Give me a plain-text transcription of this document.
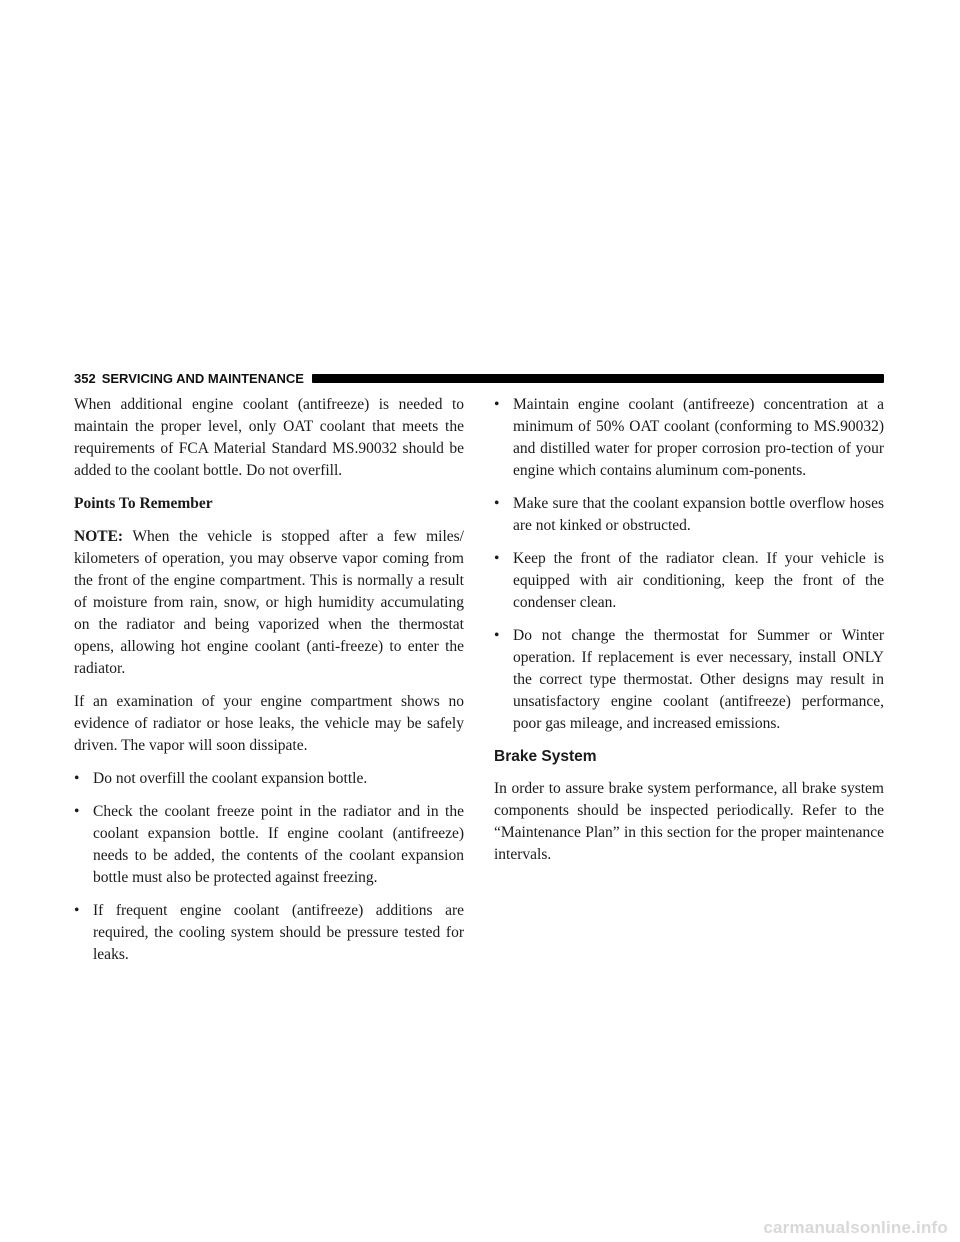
352 SERVICING AND MAINTENANCE

When additional engine coolant (antifreeze) is needed to maintain the proper level, only OAT coolant that meets the requirements of FCA Material Standard MS.90032 should be added to the coolant bottle. Do not overfill.

Points To Remember

NOTE: When the vehicle is stopped after a few miles/ kilometers of operation, you may observe vapor coming from the front of the engine compartment. This is normally a result of moisture from rain, snow, or high humidity accumulating on the radiator and being vaporized when the thermostat opens, allowing hot engine coolant (anti-freeze) to enter the radiator.

If an examination of your engine compartment shows no evidence of radiator or hose leaks, the vehicle may be safely driven. The vapor will soon dissipate.

• Do not overfill the coolant expansion bottle.
• Check the coolant freeze point in the radiator and in the coolant expansion bottle. If engine coolant (antifreeze) needs to be added, the contents of the coolant expansion bottle must also be protected against freezing.
• If frequent engine coolant (antifreeze) additions are required, the cooling system should be pressure tested for leaks.
• Maintain engine coolant (antifreeze) concentration at a minimum of 50% OAT coolant (conforming to MS.90032) and distilled water for proper corrosion pro-tection of your engine which contains aluminum com-ponents.
• Make sure that the coolant expansion bottle overflow hoses are not kinked or obstructed.
• Keep the front of the radiator clean. If your vehicle is equipped with air conditioning, keep the front of the condenser clean.
• Do not change the thermostat for Summer or Winter operation. If replacement is ever necessary, install ONLY the correct type thermostat. Other designs may result in unsatisfactory engine coolant (antifreeze) performance, poor gas mileage, and increased emissions.
Brake System

In order to assure brake system performance, all brake system components should be inspected periodically. Refer to the “Maintenance Plan” in this section for the proper maintenance intervals.

carmanualsonline.info
